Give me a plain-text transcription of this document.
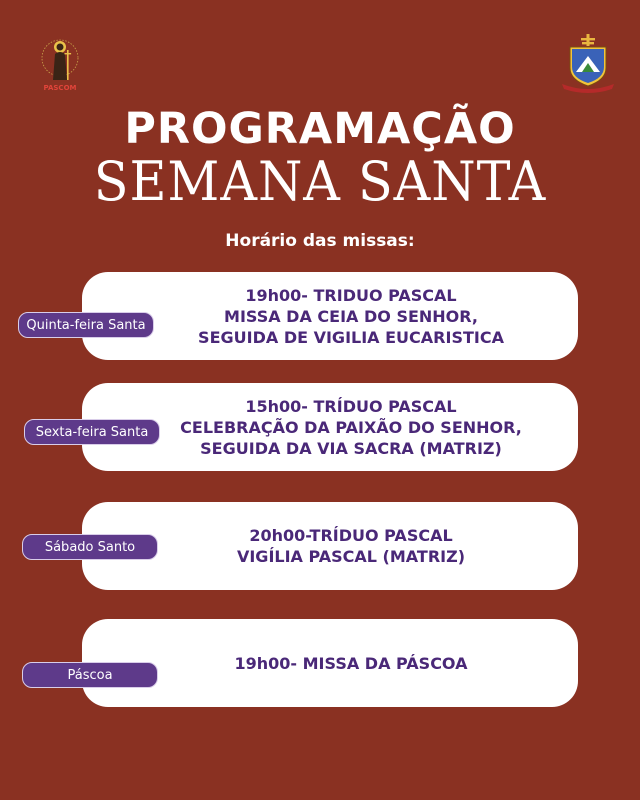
PASCOM
PROGRAMAÇÃO
SEMANA SANTA
Horário das missas:
19h00- TRIDUO PASCAL
MISSA DA CEIA DO SENHOR,
SEGUIDA DE VIGILIA EUCARISTICA
Quinta-feira Santa
15h00- TRÍDUO PASCAL
CELEBRAÇÃO DA PAIXÃO DO SENHOR,
SEGUIDA DA VIA SACRA (MATRIZ)
Sexta-feira Santa
20h00-TRÍDUO PASCAL
VIGÍLIA PASCAL (MATRIZ)
Sábado Santo
19h00- MISSA DA PÁSCOA
Páscoa
